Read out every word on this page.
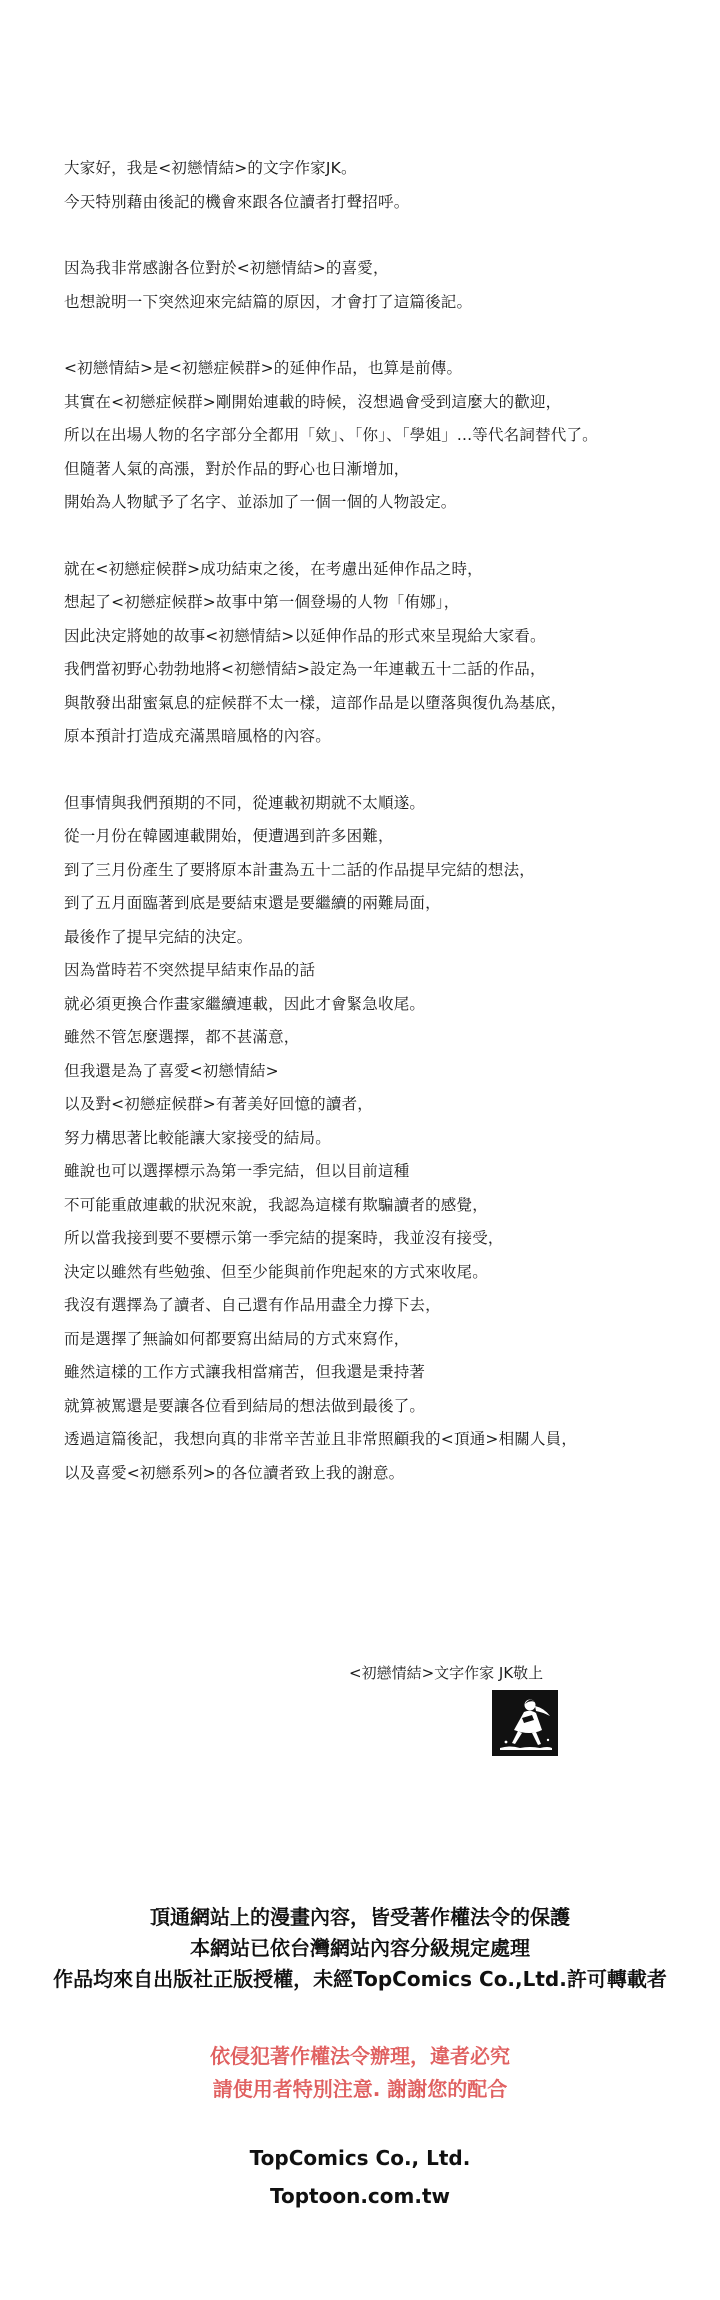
大家好，我是<初戀情結>的文字作家JK。
今天特別藉由後記的機會來跟各位讀者打聲招呼。
因為我非常感謝各位對於<初戀情結>的喜愛，
也想說明一下突然迎來完結篇的原因，才會打了這篇後記。
<初戀情結>是<初戀症候群>的延伸作品，也算是前傳。
其實在<初戀症候群>剛開始連載的時候，沒想過會受到這麼大的歡迎，
所以在出場人物的名字部分全都用「欸」、「你」、「學姐」...等代名詞替代了。
但隨著人氣的高漲，對於作品的野心也日漸增加，
開始為人物賦予了名字、並添加了一個一個的人物設定。
就在<初戀症候群>成功結束之後，在考慮出延伸作品之時，
想起了<初戀症候群>故事中第一個登場的人物「侑娜」，
因此決定將她的故事<初戀情結>以延伸作品的形式來呈現給大家看。
我們當初野心勃勃地將<初戀情結>設定為一年連載五十二話的作品，
與散發出甜蜜氣息的症候群不太一樣，這部作品是以墮落與復仇為基底，
原本預計打造成充滿黑暗風格的內容。
但事情與我們預期的不同，從連載初期就不太順遂。
從一月份在韓國連載開始，便遭遇到許多困難，
到了三月份產生了要將原本計畫為五十二話的作品提早完結的想法，
到了五月面臨著到底是要結束還是要繼續的兩難局面，
最後作了提早完結的決定。
因為當時若不突然提早結束作品的話
就必須更換合作畫家繼續連載，因此才會緊急收尾。
雖然不管怎麼選擇，都不甚滿意，
但我還是為了喜愛<初戀情結>
以及對<初戀症候群>有著美好回憶的讀者，
努力構思著比較能讓大家接受的結局。
雖說也可以選擇標示為第一季完結，但以目前這種
不可能重啟連載的狀況來說，我認為這樣有欺騙讀者的感覺，
所以當我接到要不要標示第一季完結的提案時，我並沒有接受，
決定以雖然有些勉強、但至少能與前作兜起來的方式來收尾。
我沒有選擇為了讀者、自己還有作品用盡全力撐下去，
而是選擇了無論如何都要寫出結局的方式來寫作，
雖然這樣的工作方式讓我相當痛苦，但我還是秉持著
就算被罵還是要讓各位看到結局的想法做到最後了。
透過這篇後記，我想向真的非常辛苦並且非常照顧我的<頂通>相關人員，
以及喜愛<初戀系列>的各位讀者致上我的謝意。
<初戀情結>文字作家 JK敬上
頂通網站上的漫畫內容，皆受著作權法令的保護
本網站已依台灣網站內容分級規定處理
作品均來自出版社正版授權，未經TopComics Co.,Ltd.許可轉載者
依侵犯著作權法令辦理，違者必究
請使用者特別注意. 謝謝您的配合
TopComics Co., Ltd.
Toptoon.com.tw
